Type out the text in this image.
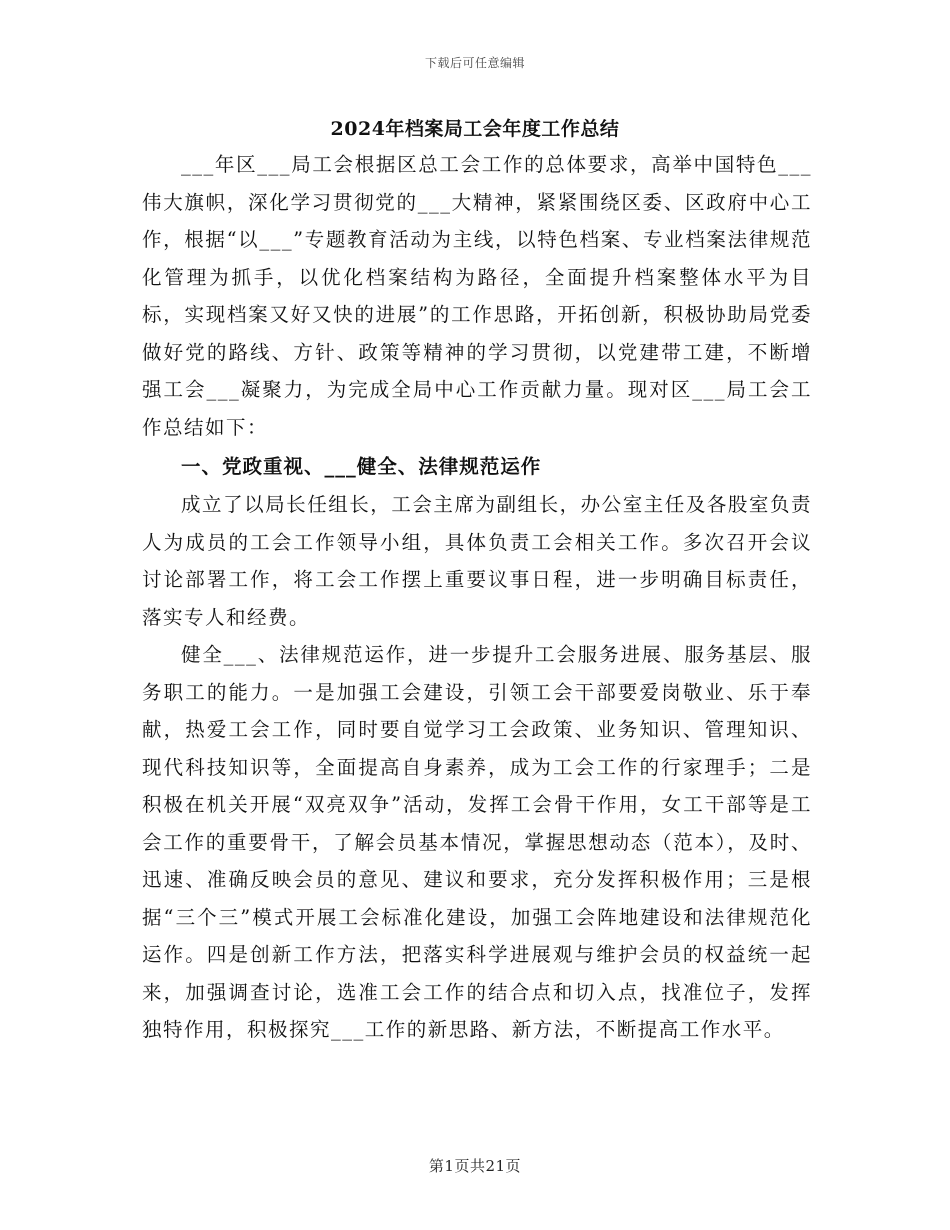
下载后可任意编辑
2024年档案局工会年度工作总结

___年区___局工会根据区总工会工作的总体要求，高举中国特色___伟大旗帜，深化学习贯彻党的___大精神，紧紧围绕区委、区政府中心工作，根据“以___”专题教育活动为主线，以特色档案、专业档案法律规范化管理为抓手，以优化档案结构为路径，全面提升档案整体水平为目标，实现档案又好又快的进展”的工作思路，开拓创新，积极协助局党委做好党的路线、方针、政策等精神的学习贯彻，以党建带工建，不断增强工会___凝聚力，为完成全局中心工作贡献力量。现对区___局工会工作总结如下：

一、党政重视、___健全、法律规范运作

成立了以局长任组长，工会主席为副组长，办公室主任及各股室负责人为成员的工会工作领导小组，具体负责工会相关工作。多次召开会议讨论部署工作，将工会工作摆上重要议事日程，进一步明确目标责任，落实专人和经费。

健全___、法律规范运作，进一步提升工会服务进展、服务基层、服务职工的能力。一是加强工会建设，引领工会干部要爱岗敬业、乐于奉献，热爱工会工作，同时要自觉学习工会政策、业务知识、管理知识、现代科技知识等，全面提高自身素养，成为工会工作的行家理手；二是积极在机关开展“双亮双争”活动，发挥工会骨干作用，女工干部等是工会工作的重要骨干，了解会员基本情况，掌握思想动态（范本），及时、迅速、准确反映会员的意见、建议和要求，充分发挥积极作用；三是根据“三个三”模式开展工会标准化建设，加强工会阵地建设和法律规范化运作。四是创新工作方法，把落实科学进展观与维护会员的权益统一起来，加强调查讨论，选准工会工作的结合点和切入点，找准位子，发挥独特作用，积极探究___工作的新思路、新方法，不断提高工作水平。

第1页共21页
